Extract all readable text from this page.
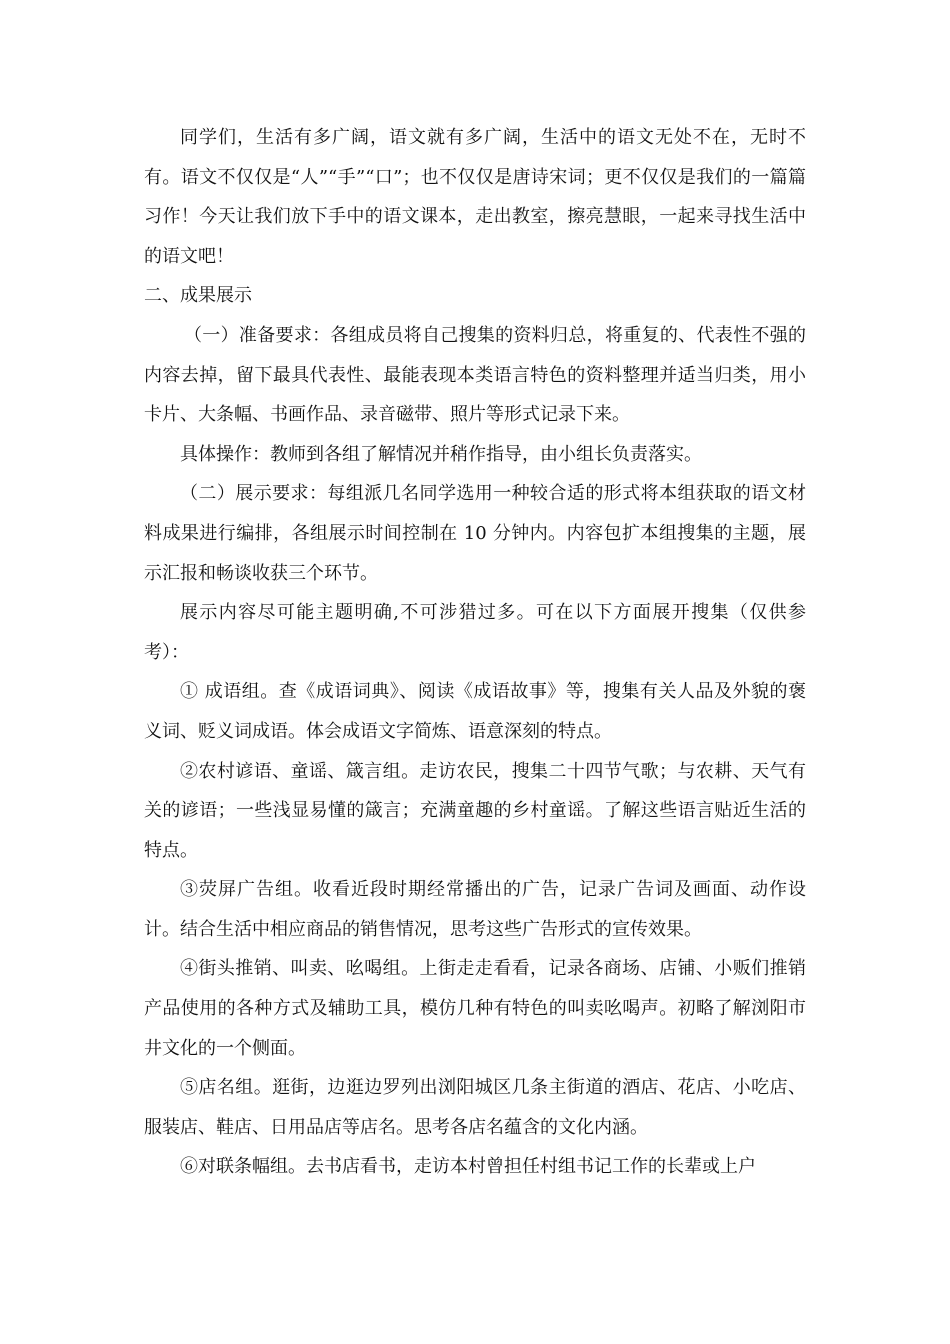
同学们，生活有多广阔，语文就有多广阔，生活中的语文无处不在，无时不有。语文不仅仅是“人”“手”“口”；也不仅仅是唐诗宋词；更不仅仅是我们的一篇篇习作！今天让我们放下手中的语文课本，走出教室，擦亮慧眼，一起来寻找生活中的语文吧！

二、成果展示

（一）准备要求：各组成员将自己搜集的资料归总，将重复的、代表性不强的内容去掉，留下最具代表性、最能表现本类语言特色的资料整理并适当归类，用小卡片、大条幅、书画作品、录音磁带、照片等形式记录下来。

具体操作：教师到各组了解情况并稍作指导，由小组长负责落实。

（二）展示要求：每组派几名同学选用一种较合适的形式将本组获取的语文材料成果进行编排，各组展示时间控制在 10 分钟内。内容包扩本组搜集的主题，展示汇报和畅谈收获三个环节。

展示内容尽可能主题明确,不可涉猎过多。可在以下方面展开搜集（仅供参考）：

① 成语组。查《成语词典》、阅读《成语故事》等，搜集有关人品及外貌的褒义词、贬义词成语。体会成语文字简炼、语意深刻的特点。

②农村谚语、童谣、箴言组。走访农民，搜集二十四节气歌；与农耕、天气有关的谚语；一些浅显易懂的箴言；充满童趣的乡村童谣。了解这些语言贴近生活的特点。

③荧屏广告组。收看近段时期经常播出的广告，记录广告词及画面、动作设计。结合生活中相应商品的销售情况，思考这些广告形式的宣传效果。

④街头推销、叫卖、吆喝组。上街走走看看，记录各商场、店铺、小贩们推销产品使用的各种方式及辅助工具，模仿几种有特色的叫卖吆喝声。初略了解浏阳市井文化的一个侧面。

⑤店名组。逛街，边逛边罗列出浏阳城区几条主街道的酒店、花店、小吃店、服装店、鞋店、日用品店等店名。思考各店名蕴含的文化内涵。

⑥对联条幅组。去书店看书，走访本村曾担任村组书记工作的长辈或上户
